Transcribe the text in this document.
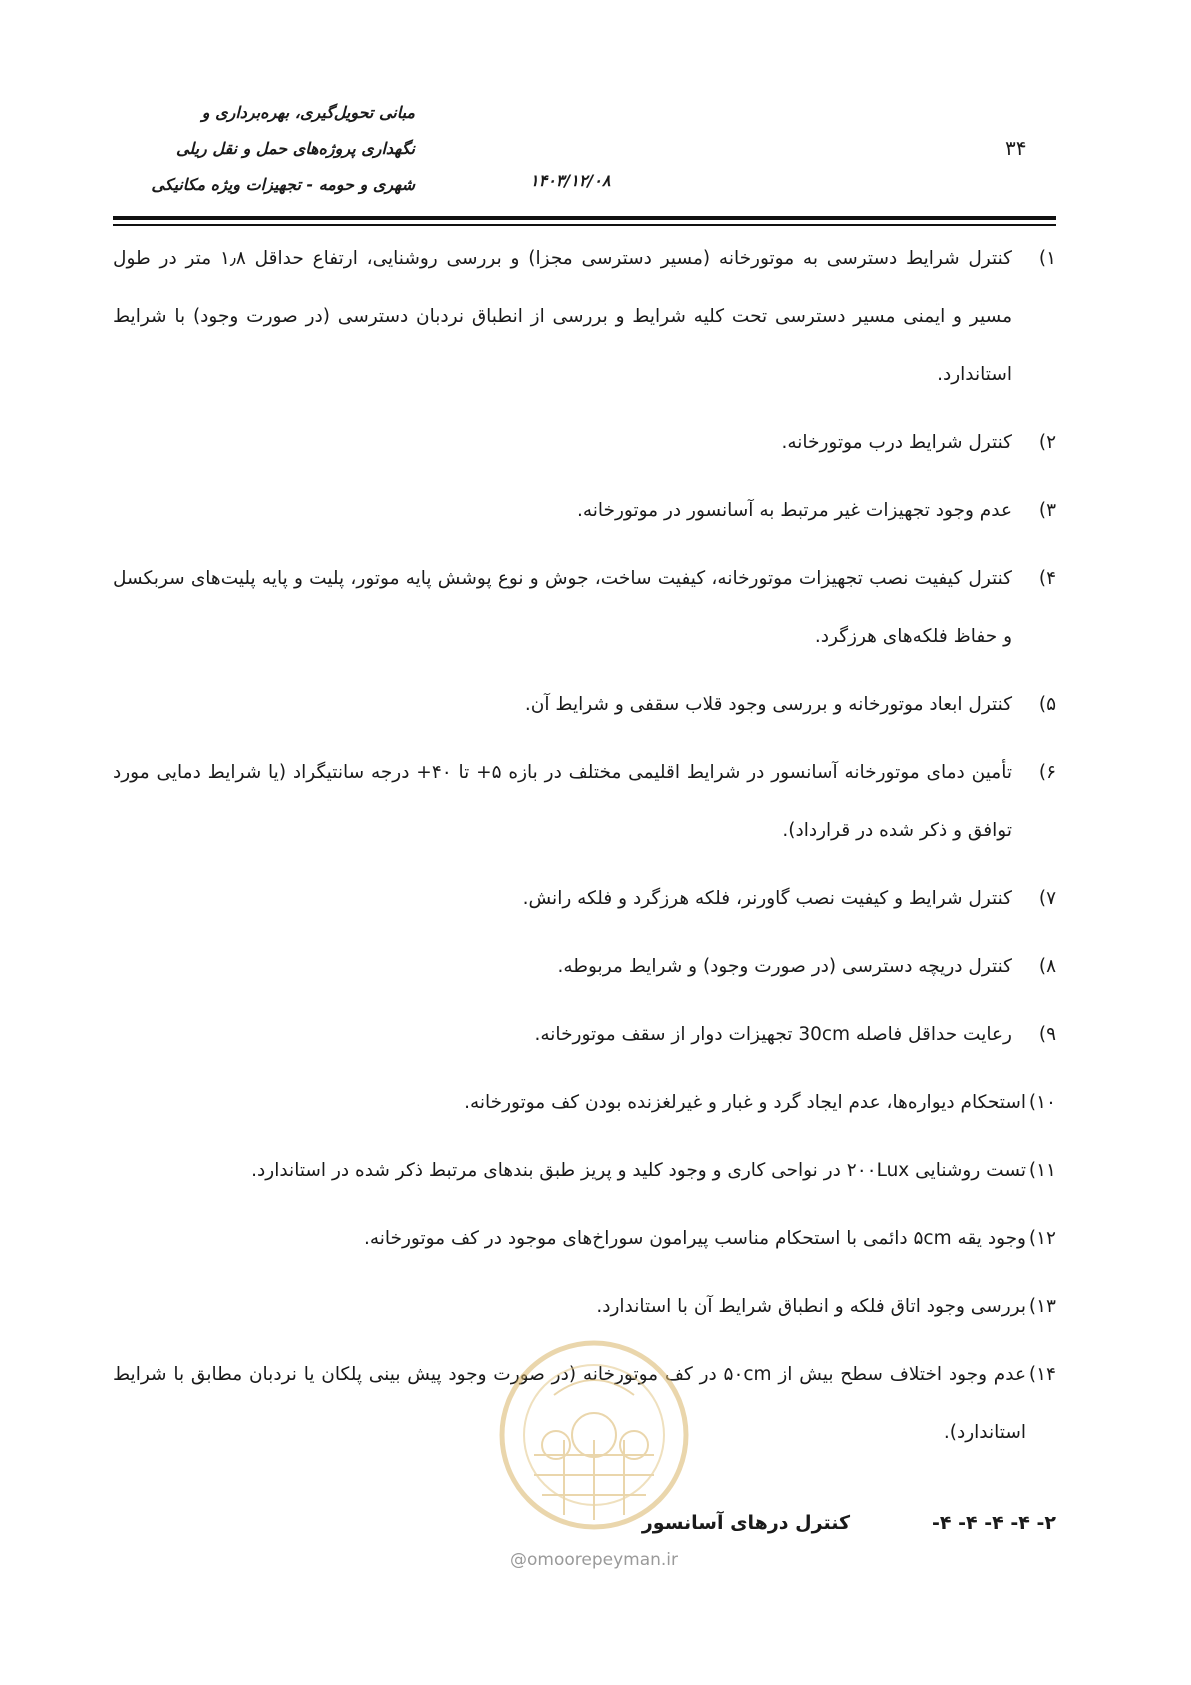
۳۴
مبانی تحویل‌گیری، بهره‌برداری و
نگهداری پروژه‌های حمل و نقل ریلی
شهری و حومه - تجهیزات ویژه مکانیکی	۱۴۰۳/۱۲/۰۸
۱)
کنترل شرایط دسترسی به موتورخانه (مسیر دسترسی مجزا) و بررسی روشنایی، ارتفاع حداقل ۱٫۸ متر در طول مسیر و ایمنی مسیر دسترسی تحت کلیه شرایط و بررسی از انطباق نردبان دسترسی (در صورت وجود) با شرایط استاندارد.
۲)
کنترل شرایط درب موتورخانه.
۳)
عدم وجود تجهیزات غیر مرتبط به آسانسور در موتورخانه.
۴)
کنترل کیفیت نصب تجهیزات موتورخانه، کیفیت ساخت، جوش و نوع پوشش پایه موتور، پلیت و پایه پلیت‌های سربکسل و حفاظ فلکه‌های هرزگرد.
۵)
کنترل ابعاد موتورخانه و بررسی وجود قلاب سقفی و شرایط آن.
۶)
تأمین دمای موتورخانه آسانسور در شرایط اقلیمی مختلف در بازه ۵+ تا ۴۰+ درجه سانتیگراد (یا شرایط دمایی مورد توافق و ذکر شده در قرارداد).
۷)
کنترل شرایط و کیفیت نصب گاورنر، فلکه هرزگرد و فلکه رانش.
۸)
کنترل دریچه دسترسی (در صورت وجود) و شرایط مربوطه.
۹)
رعایت حداقل فاصله 30cm تجهیزات دوار از سقف موتورخانه.
۱۰)
استحکام دیواره‌ها، عدم ایجاد گرد و غبار و غیرلغزنده بودن کف موتورخانه.
۱۱)
تست روشنایی ۲۰۰Lux در نواحی کاری و وجود کلید و پریز طبق بندهای مرتبط ذکر شده در استاندارد.
۱۲)
وجود یقه ۵cm دائمی با استحکام مناسب پیرامون سوراخ‌های موجود در کف موتورخانه.
۱۳)
بررسی وجود اتاق فلکه و انطباق شرایط آن با استاندارد.
۱۴)
عدم وجود اختلاف سطح بیش از ۵۰cm در کف موتورخانه (در صورت وجود پیش بینی پلکان یا نردبان مطابق با شرایط استاندارد).
@omoorepeyman.ir
۲- ۴- ۴- ۴- ۴-کنترل درهای آسانسور
